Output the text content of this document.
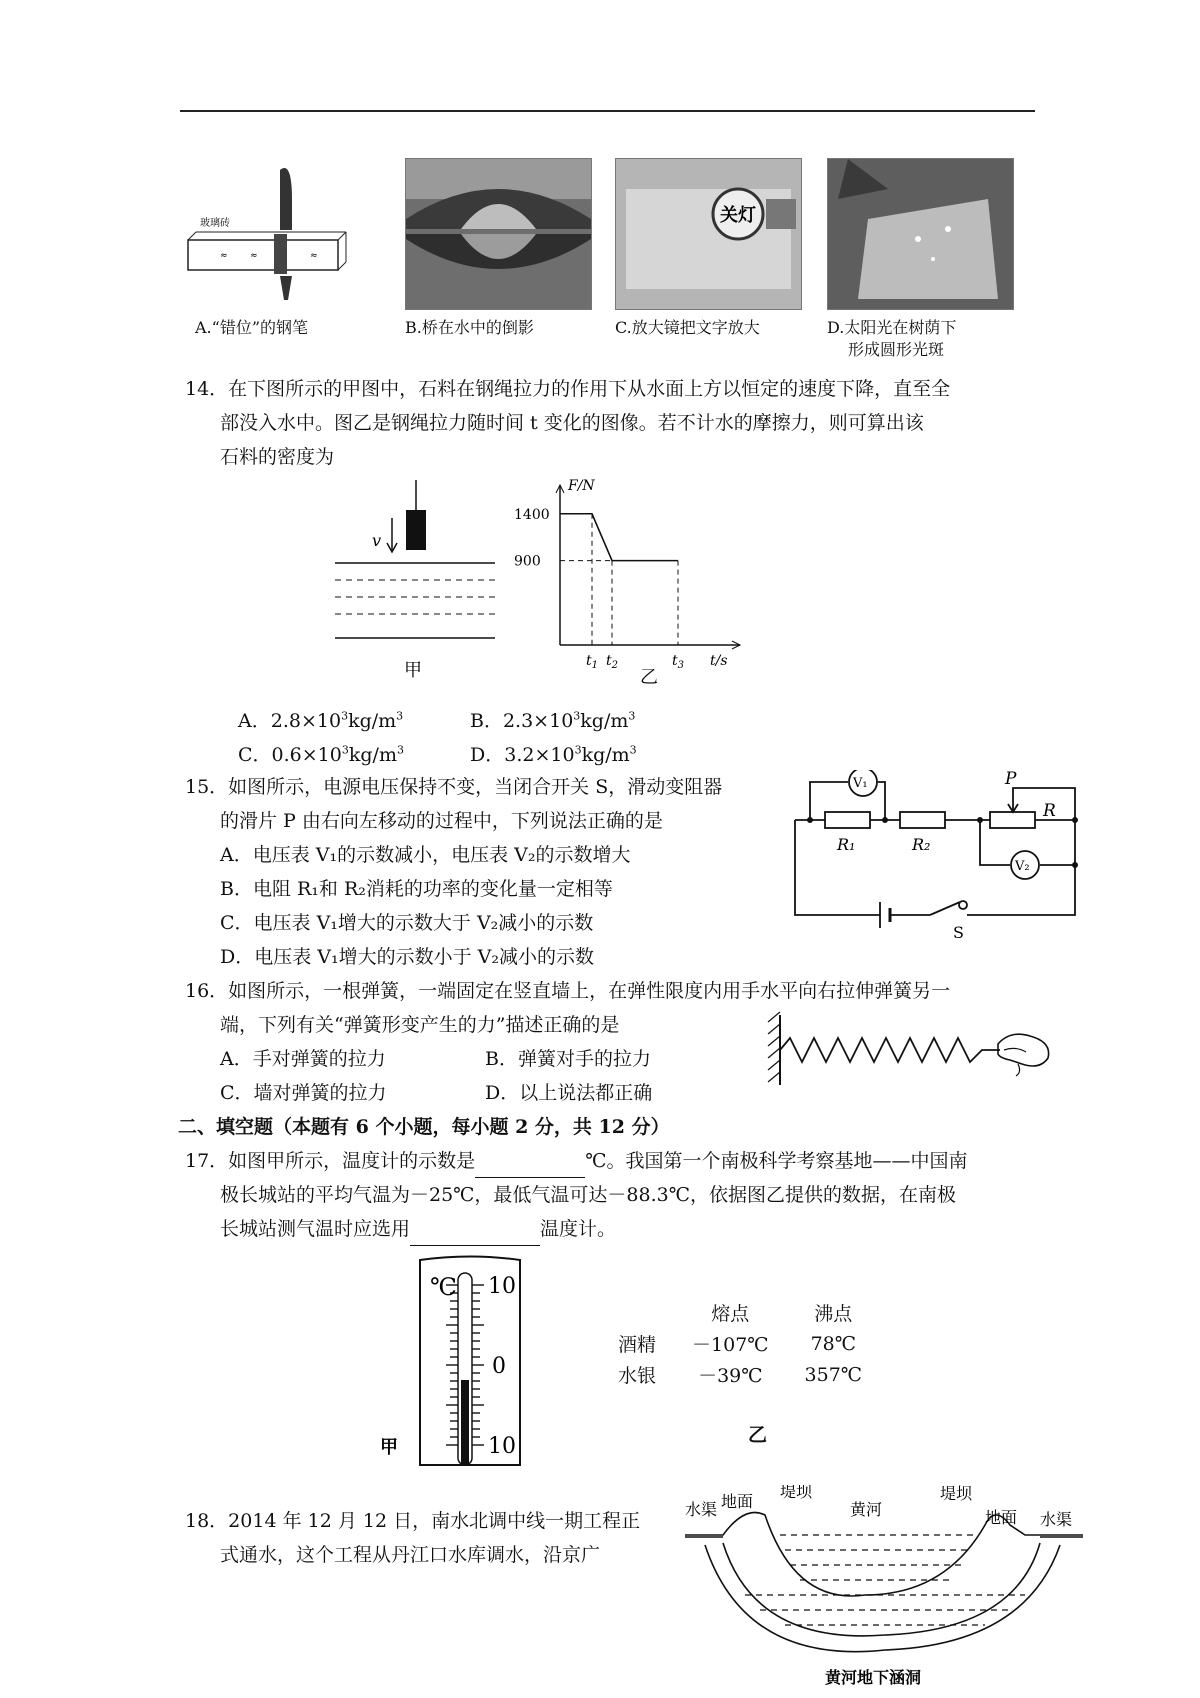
玻璃砖
≈ ≈	≈
关灯
A.“错位”的钢笔	B.桥在水中的倒影	C.放大镜把文字放大	D.太阳光在树荫下
形成圆形光斑
14．在下图所示的甲图中，石料在钢绳拉力的作用下从水面上方以恒定的速度下降，直至全
部没入水中。图乙是钢绳拉力随时间 t 变化的图像。若不计水的摩擦力，则可算出该
石料的密度为
v
甲
F/N
t/s
1400
900
$t_1$ $t_2$	$t_3$
乙
A．$2.8\times 10^3kg/m^3$	B．$2.3\times 10^3kg/m^3$
C．$0.6\times 10^3kg/m^3$	D．$3.2\times 10^3kg/m^3$
15．如图所示，电源电压保持不变，当闭合开关 S，滑动变阻器
的滑片 P 由右向左移动的过程中，下列说法正确的是
A．电压表 V₁的示数减小，电压表 V₂的示数增大
B．电阻 R₁和 R₂消耗的功率的变化量一定相等
C．电压表 V₁增大的示数大于 V₂减小的示数
D．电压表 V₁增大的示数小于 V₂减小的示数
V₁
V₂
R₁	R₂
R
P
S
16．如图所示，一根弹簧，一端固定在竖直墙上，在弹性限度内用手水平向右拉伸弹簧另一
端，下列有关“弹簧形变产生的力”描述正确的是
A．手对弹簧的拉力	B．弹簧对手的拉力
C．墙对弹簧的拉力	D．以上说法都正确
二、填空题（本题有 6 个小题，每小题 2 分，共 12 分）
17．如图甲所示，温度计的示数是	℃。我国第一个南极科学考察基地——中国南
极长城站的平均气温为－25℃，最低气温可达－88.3℃，依据图乙提供的数据，在南极
长城站测气温时应选用	温度计。
℃ 10
0
10
甲
	熔点	沸点
酒精	－107℃	78℃
水银	－39℃	357℃
乙
18．2014 年 12 月 12 日，南水北调中线一期工程正
式通水，这个工程从丹江口水库调水，沿京广
水渠 地面
堤坝
黄河
堤坝
地面 水渠
黄河地下涵洞
